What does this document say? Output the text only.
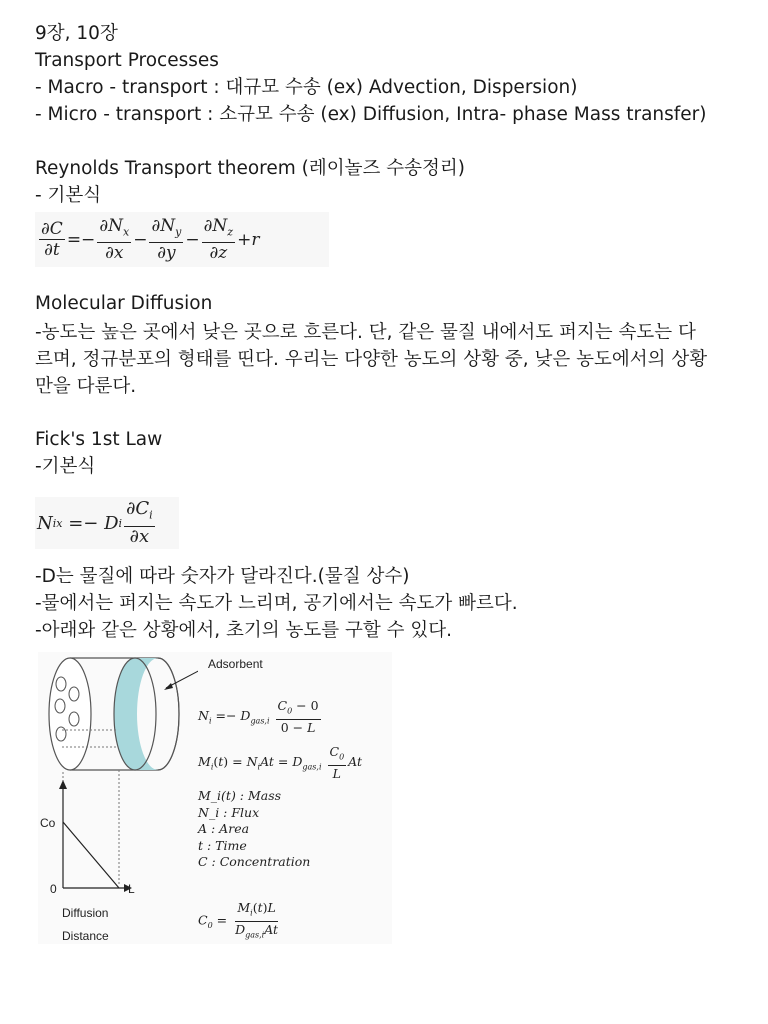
9장, 10장
Transport Processes
- Macro - transport : 대규모 수송 (ex) Advection, Dispersion)
- Micro - transport : 소규모 수송 (ex) Diffusion, Intra- phase Mass transfer)
Reynolds Transport theorem (레이놀즈 수송정리)
- 기본식
$\frac{\partial C}{\partial t} =- \frac{\partial N_x}{\partial x} - \frac{\partial N_y}{\partial y} - \frac{\partial N_z}{\partial z} + r$
Molecular Diffusion
-농도는 높은 곳에서 낮은 곳으로 흐른다. 단, 같은 물질 내에서도 퍼지는 속도는 다
르며, 정규분포의 형태를 띤다. 우리는 다양한 농도의 상황 중, 낮은 농도에서의 상황
만을 다룬다.
Fick's 1st Law
-기본식
N ix =− D i $\frac{\partial C_i}{\partial x}$
-D는 물질에 따라 숫자가 달라진다.(물질 상수)
-물에서는 퍼지는 속도가 느리며, 공기에서는 속도가 빠르다.
-아래와 같은 상황에서, 초기의 농도를 구할 수 있다.
Adsorbent
Co
0	L
Diffusion
Distance
$N_i =- D_{gas,i} \frac{C_0 - 0}{0 - L}$
$M_i(t) = N_iAt = D_{gas,i} \frac{C_0}{L}$ At
M_i(t) : Mass
N_i : Flux
A : Area
t : Time
C : Concentration
$C_0 = \frac{M_i(t)L}{D_{gas,i}At}$
